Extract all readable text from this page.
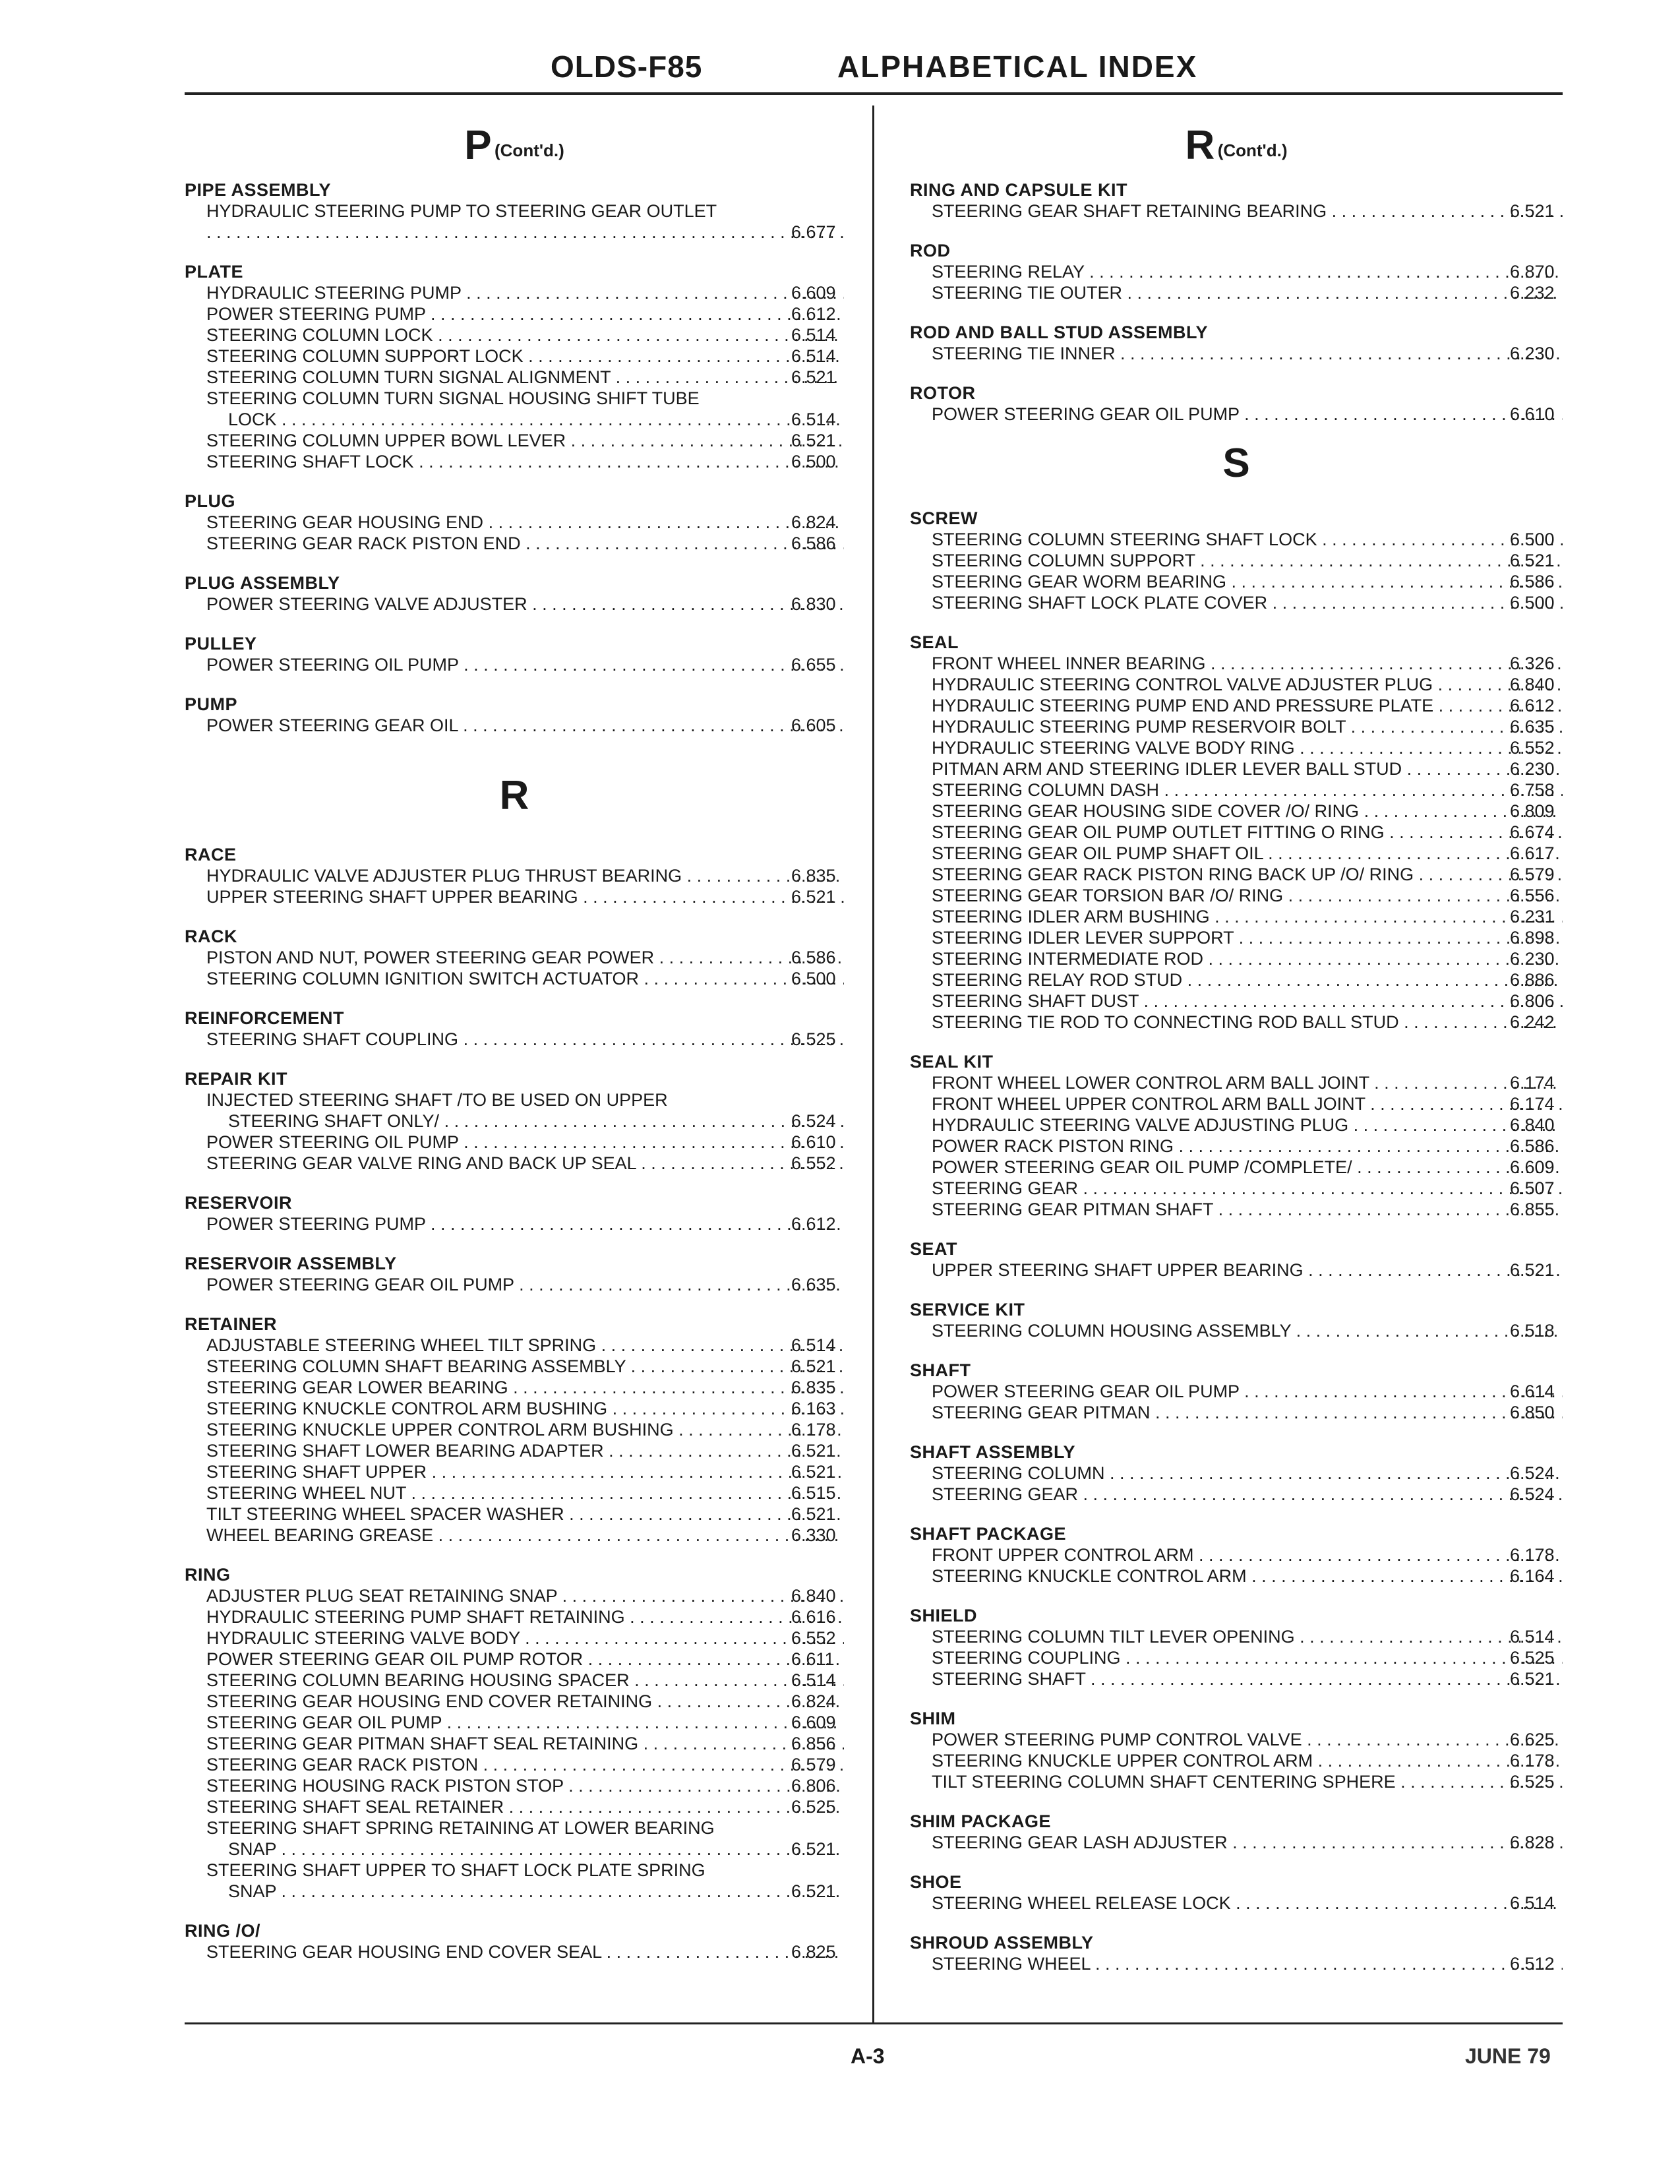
OLDS-F85	ALPHABETICAL INDEX
P (Cont'd.)
PIPE ASSEMBLY
HYDRAULIC STEERING PUMP TO STEERING GEAR OUTLET
. . .
6.677
PLATE
HYDRAULIC STEERING PUMP . . .	6.609
POWER STEERING PUMP . . .	6.612
STEERING COLUMN LOCK . . .	6.514
STEERING COLUMN SUPPORT LOCK . . .	6.514
STEERING COLUMN TURN SIGNAL ALIGNMENT . . .	6.521
STEERING COLUMN TURN SIGNAL HOUSING SHIFT TUBE
LOCK . . .	6.514
STEERING COLUMN UPPER BOWL LEVER . . .	6.521
STEERING SHAFT LOCK . . .	6.500
PLUG
STEERING GEAR HOUSING END . . .	6.824
STEERING GEAR RACK PISTON END . . .	6.586
PLUG ASSEMBLY
POWER STEERING VALVE ADJUSTER . . .	6.830
PULLEY
POWER STEERING OIL PUMP . . .	6.655
PUMP
POWER STEERING GEAR OIL . . .	6.605
R
RACE
HYDRAULIC VALVE ADJUSTER PLUG THRUST BEARING . . .	6.835
UPPER STEERING SHAFT UPPER BEARING . . .	6.521
RACK
PISTON AND NUT, POWER STEERING GEAR POWER . . .	6.586
STEERING COLUMN IGNITION SWITCH ACTUATOR . . .	6.500
REINFORCEMENT
STEERING SHAFT COUPLING . . .	6.525
REPAIR KIT
INJECTED STEERING SHAFT /TO BE USED ON UPPER
STEERING SHAFT ONLY/ . . .	6.524
POWER STEERING OIL PUMP . . .	6.610
STEERING GEAR VALVE RING AND BACK UP SEAL . . .	6.552
RESERVOIR
POWER STEERING PUMP . . .	6.612
RESERVOIR ASSEMBLY
POWER STEERING GEAR OIL PUMP . . .	6.635
RETAINER
ADJUSTABLE STEERING WHEEL TILT SPRING . . .	6.514
STEERING COLUMN SHAFT BEARING ASSEMBLY . . .	6.521
STEERING GEAR LOWER BEARING . . .	6.835
STEERING KNUCKLE CONTROL ARM BUSHING . . .	6.163
STEERING KNUCKLE UPPER CONTROL ARM BUSHING . . .	6.178
STEERING SHAFT LOWER BEARING ADAPTER . . .	6.521
STEERING SHAFT UPPER . . .	6.521
STEERING WHEEL NUT . . .	6.515
TILT STEERING WHEEL SPACER WASHER . . .	6.521
WHEEL BEARING GREASE . . .	6.330
RING
ADJUSTER PLUG SEAT RETAINING SNAP . . .	6.840
HYDRAULIC STEERING PUMP SHAFT RETAINING . . .	6.616
HYDRAULIC STEERING VALVE BODY . . .	6.552
POWER STEERING GEAR OIL PUMP ROTOR . . .	6.611
STEERING COLUMN BEARING HOUSING SPACER . . .	6.514
STEERING GEAR HOUSING END COVER RETAINING . . .	6.824
STEERING GEAR OIL PUMP . . .	6.609
STEERING GEAR PITMAN SHAFT SEAL RETAINING . . .	6.856
STEERING GEAR RACK PISTON . . .	6.579
STEERING HOUSING RACK PISTON STOP . . .	6.806
STEERING SHAFT SEAL RETAINER . . .	6.525
STEERING SHAFT SPRING RETAINING AT LOWER BEARING
SNAP . . .	6.521
STEERING SHAFT UPPER TO SHAFT LOCK PLATE SPRING
SNAP . . .	6.521
RING /O/
STEERING GEAR HOUSING END COVER SEAL . . .	6.825
R (Cont'd.)
RING AND CAPSULE KIT
STEERING GEAR SHAFT RETAINING BEARING . . .	6.521
ROD
STEERING RELAY . . .	6.870
STEERING TIE OUTER . . .	6.232
ROD AND BALL STUD ASSEMBLY
STEERING TIE INNER . . .	6.230
ROTOR
POWER STEERING GEAR OIL PUMP . . .	6.610
S
SCREW
STEERING COLUMN STEERING SHAFT LOCK . . .	6.500
STEERING COLUMN SUPPORT . . .	6.521
STEERING GEAR WORM BEARING . . .	6.586
STEERING SHAFT LOCK PLATE COVER . . .	6.500
SEAL
FRONT WHEEL INNER BEARING . . .	6.326
HYDRAULIC STEERING CONTROL VALVE ADJUSTER PLUG . . .	6.840
HYDRAULIC STEERING PUMP END AND PRESSURE PLATE . . .	6.612
HYDRAULIC STEERING PUMP RESERVOIR BOLT . . .	6.635
HYDRAULIC STEERING VALVE BODY RING . . .	6.552
PITMAN ARM AND STEERING IDLER LEVER BALL STUD . . .	6.230
STEERING COLUMN DASH . . .	6.758
STEERING GEAR HOUSING SIDE COVER /O/ RING . . .	6.809
STEERING GEAR OIL PUMP OUTLET FITTING O RING . . .	6.674
STEERING GEAR OIL PUMP SHAFT OIL . . .	6.617
STEERING GEAR RACK PISTON RING BACK UP /O/ RING . . .	6.579
STEERING GEAR TORSION BAR /O/ RING . . .	6.556
STEERING IDLER ARM BUSHING . . .	6.231
STEERING IDLER LEVER SUPPORT . . .	6.898
STEERING INTERMEDIATE ROD . . .	6.230
STEERING RELAY ROD STUD . . .	6.886
STEERING SHAFT DUST . . .	6.806
STEERING TIE ROD TO CONNECTING ROD BALL STUD . . .	6.242
SEAL KIT
FRONT WHEEL LOWER CONTROL ARM BALL JOINT . . .	6.174
FRONT WHEEL UPPER CONTROL ARM BALL JOINT . . .	6.174
HYDRAULIC STEERING VALVE ADJUSTING PLUG . . .	6.840
POWER RACK PISTON RING . . .	6.586
POWER STEERING GEAR OIL PUMP /COMPLETE/ . . .	6.609
STEERING GEAR . . .	6.507
STEERING GEAR PITMAN SHAFT . . .	6.855
SEAT
UPPER STEERING SHAFT UPPER BEARING . . .	6.521
SERVICE KIT
STEERING COLUMN HOUSING ASSEMBLY . . .	6.518
SHAFT
POWER STEERING GEAR OIL PUMP . . .	6.614
STEERING GEAR PITMAN . . .	6.850
SHAFT ASSEMBLY
STEERING COLUMN . . .	6.524
STEERING GEAR . . .	6.524
SHAFT PACKAGE
FRONT UPPER CONTROL ARM . . .	6.178
STEERING KNUCKLE CONTROL ARM . . .	6.164
SHIELD
STEERING COLUMN TILT LEVER OPENING . . .	6.514
STEERING COUPLING . . .	6.525
STEERING SHAFT . . .	6.521
SHIM
POWER STEERING PUMP CONTROL VALVE . . .	6.625
STEERING KNUCKLE UPPER CONTROL ARM . . .	6.178
TILT STEERING COLUMN SHAFT CENTERING SPHERE . . .	6.525
SHIM PACKAGE
STEERING GEAR LASH ADJUSTER . . .	6.828
SHOE
STEERING WHEEL RELEASE LOCK . . .	6.514
SHROUD ASSEMBLY
STEERING WHEEL . . .	6.512
A-3	JUNE 79
